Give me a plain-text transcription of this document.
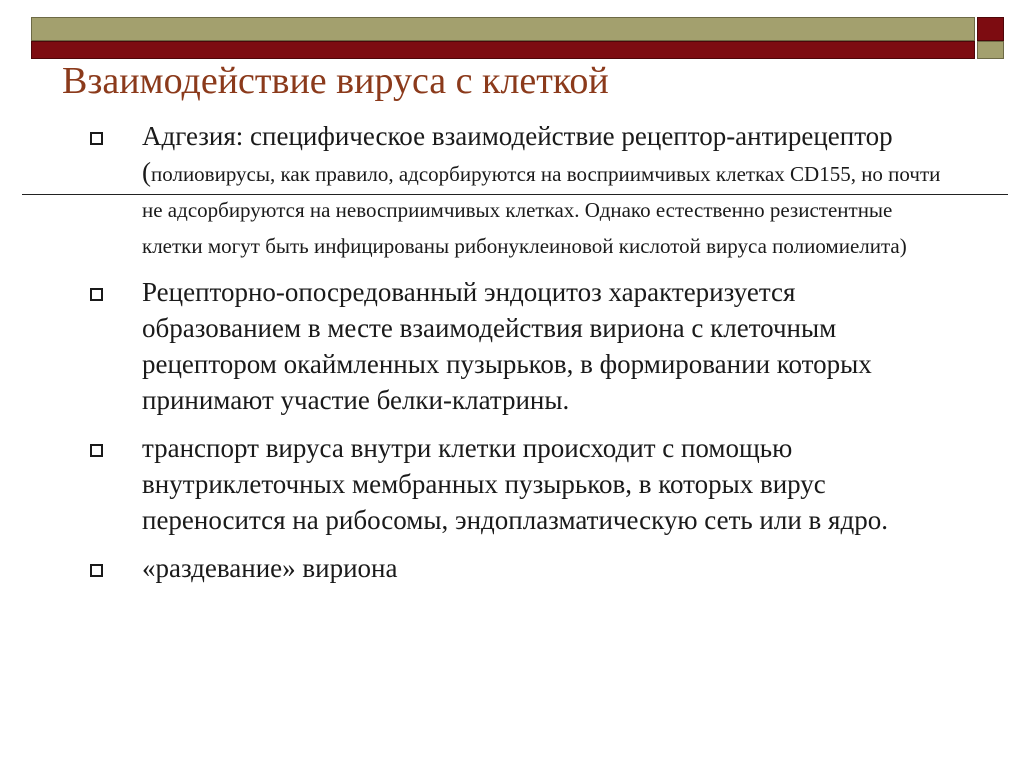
Взаимодействие вируса с клеткой
Адгезия: специфическое взаимодействие рецептор-антирецептор (полиовирусы, как правило, адсорбируются на восприимчивых клетках CD155, но почти не адсорбируются на невосприимчивых клетках. Однако естественно резистентные клетки могут быть инфицированы рибонуклеиновой кислотой вируса полиомиелита)
Рецепторно-опосредованный эндоцитоз характеризуется образованием в месте взаимодействия вириона с клеточным рецептором окаймленных пузырьков, в формировании которых принимают участие белки-клатрины.
транспорт вируса внутри клетки происходит с помощью внутриклеточных мембранных пузырьков, в которых вирус переносится на рибосомы, эндоплазматическую сеть или в ядро.
«раздевание» вириона
